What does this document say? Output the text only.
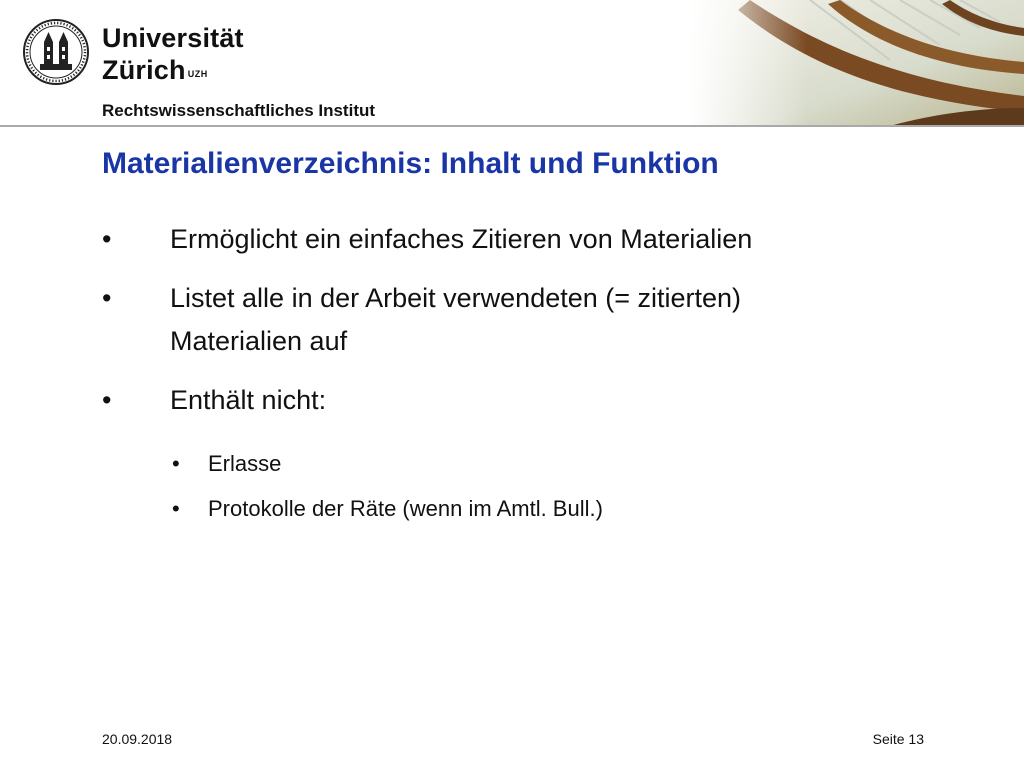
Universität
Zürich $^{UZH}$
Rechtswissenschaftliches Institut
Materialienverzeichnis: Inhalt und Funktion
• Ermöglicht ein einfaches Zitieren von Materialien
• Listet alle in der Arbeit verwendeten (= zitierten)
Materialien auf
• Enthält nicht:
• Erlasse
• Protokolle der Räte (wenn im Amtl. Bull.)
20.09.2018	Seite 13
